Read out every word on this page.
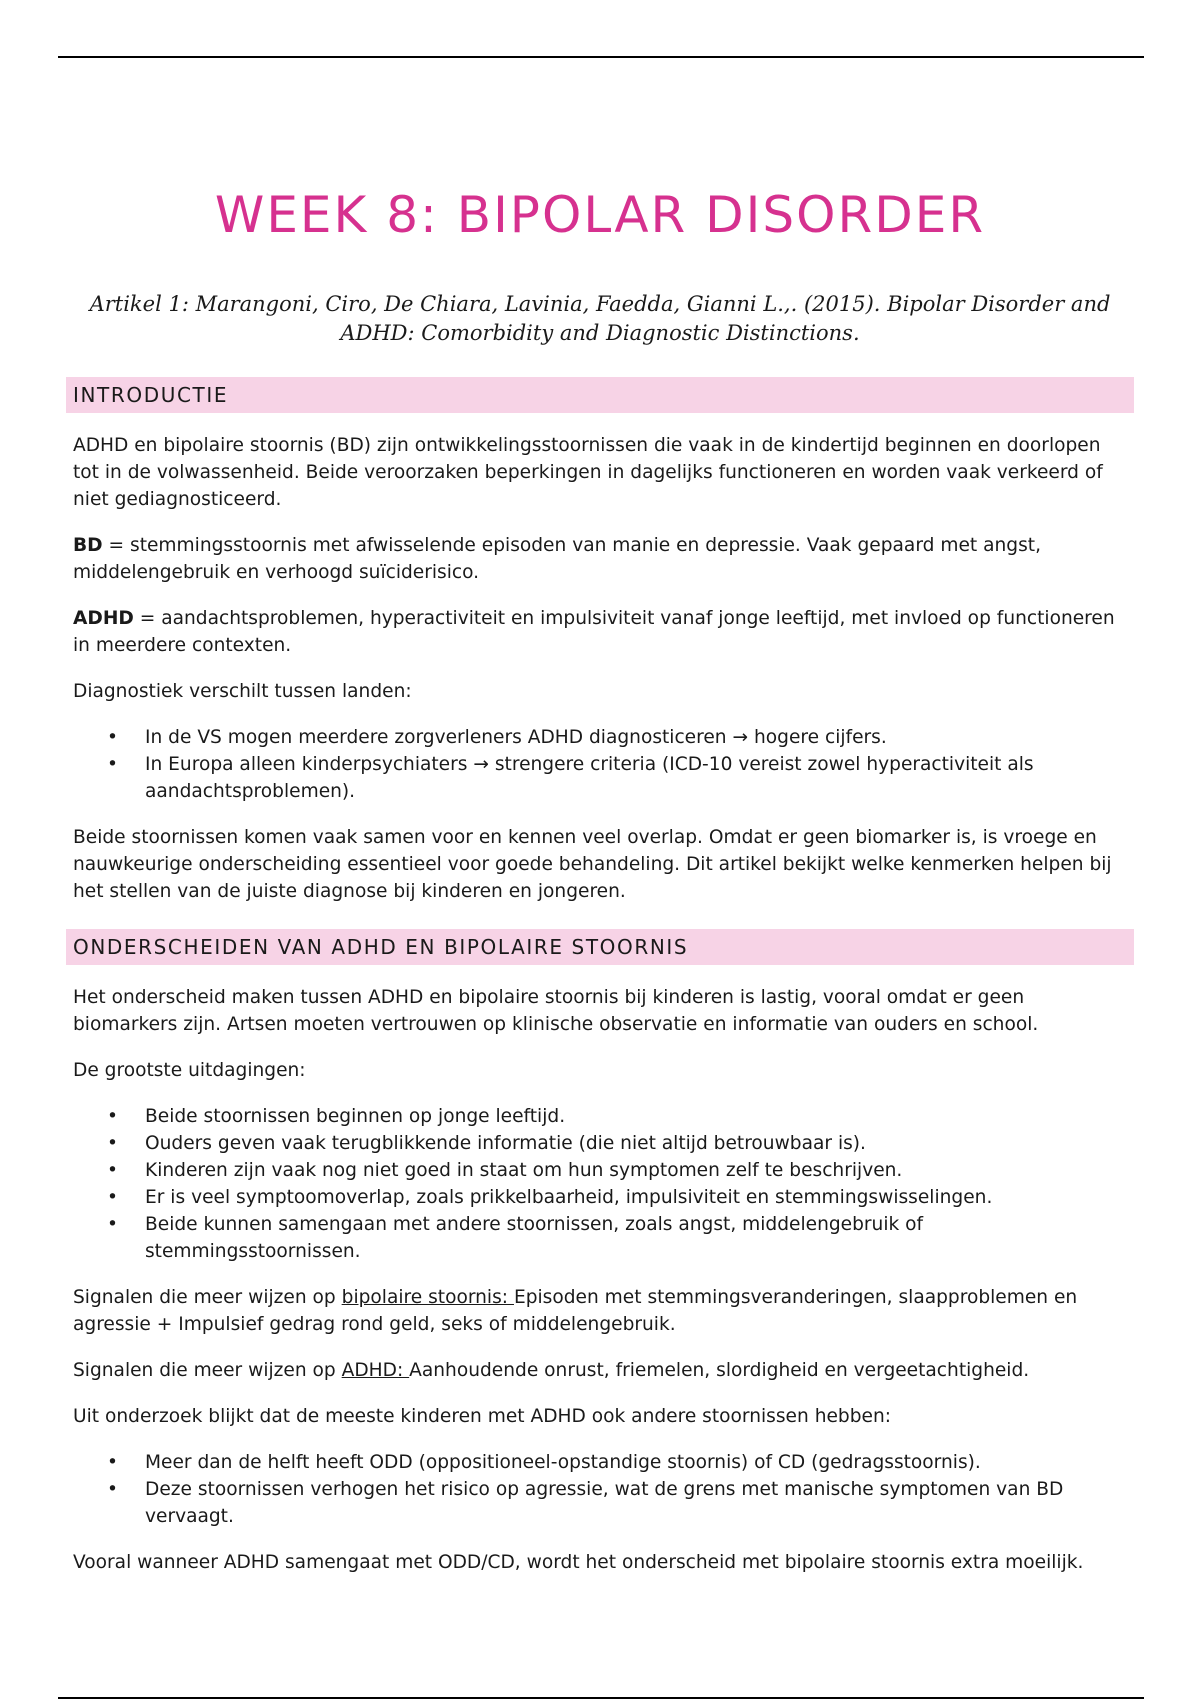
WEEK 8: BIPOLAR DISORDER

Artikel 1: Marangoni, Ciro, De Chiara, Lavinia, Faedda, Gianni L.,. (2015). Bipolar Disorder and ADHD: Comorbidity and Diagnostic Distinctions.

INTRODUCTIE

ADHD en bipolaire stoornis (BD) zijn ontwikkelingsstoornissen die vaak in de kindertijd beginnen en doorlopen tot in de volwassenheid. Beide veroorzaken beperkingen in dagelijks functioneren en worden vaak verkeerd of niet gediagnosticeerd.

BD = stemmingsstoornis met afwisselende episoden van manie en depressie. Vaak gepaard met angst, middelengebruik en verhoogd suïciderisico.

ADHD = aandachtsproblemen, hyperactiviteit en impulsiviteit vanaf jonge leeftijd, met invloed op functioneren in meerdere contexten.

Diagnostiek verschilt tussen landen:

• In de VS mogen meerdere zorgverleners ADHD diagnosticeren → hogere cijfers.
• In Europa alleen kinderpsychiaters → strengere criteria (ICD-10 vereist zowel hyperactiviteit als aandachtsproblemen).

Beide stoornissen komen vaak samen voor en kennen veel overlap. Omdat er geen biomarker is, is vroege en nauwkeurige onderscheiding essentieel voor goede behandeling. Dit artikel bekijkt welke kenmerken helpen bij het stellen van de juiste diagnose bij kinderen en jongeren.

ONDERSCHEIDEN VAN ADHD EN BIPOLAIRE STOORNIS

Het onderscheid maken tussen ADHD en bipolaire stoornis bij kinderen is lastig, vooral omdat er geen biomarkers zijn. Artsen moeten vertrouwen op klinische observatie en informatie van ouders en school.

De grootste uitdagingen:

• Beide stoornissen beginnen op jonge leeftijd.
• Ouders geven vaak terugblikkende informatie (die niet altijd betrouwbaar is).
• Kinderen zijn vaak nog niet goed in staat om hun symptomen zelf te beschrijven.
• Er is veel symptoomoverlap, zoals prikkelbaarheid, impulsiviteit en stemmingswisselingen.
• Beide kunnen samengaan met andere stoornissen, zoals angst, middelengebruik of stemmingsstoornissen.

Signalen die meer wijzen op bipolaire stoornis: Episoden met stemmingsveranderingen, slaapproblemen en agressie + Impulsief gedrag rond geld, seks of middelengebruik.

Signalen die meer wijzen op ADHD: Aanhoudende onrust, friemelen, slordigheid en vergeetachtigheid.

Uit onderzoek blijkt dat de meeste kinderen met ADHD ook andere stoornissen hebben:

• Meer dan de helft heeft ODD (oppositioneel-opstandige stoornis) of CD (gedragsstoornis).
• Deze stoornissen verhogen het risico op agressie, wat de grens met manische symptomen van BD vervaagt.

Vooral wanneer ADHD samengaat met ODD/CD, wordt het onderscheid met bipolaire stoornis extra moeilijk.
